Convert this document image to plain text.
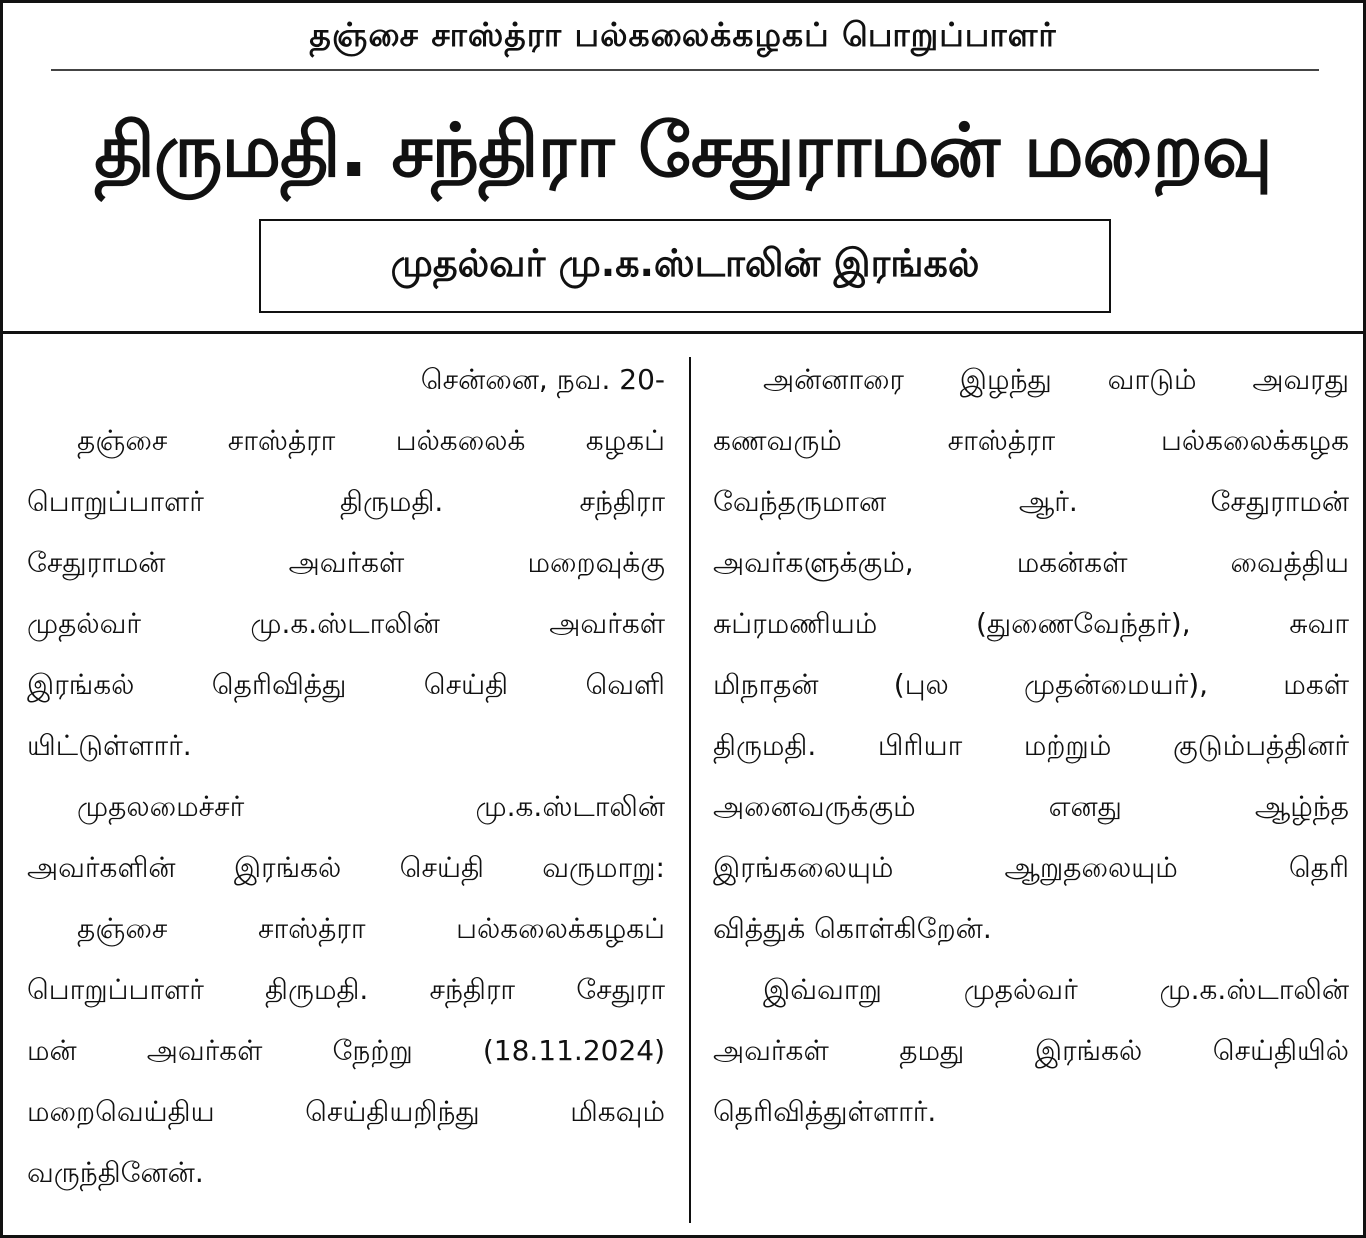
தஞ்சை சாஸ்த்ரா பல்கலைக்கழகப் பொறுப்பாளர்
திருமதி. சந்திரா சேதுராமன் மறைவு
முதல்வர் மு.க.ஸ்டாலின் இரங்கல்
சென்னை, நவ. 20-
தஞ்சை சாஸ்த்ரா பல்கலைக் கழகப்
பொறுப்பாளர் திருமதி. சந்திரா
சேதுராமன் அவர்கள் மறைவுக்கு
முதல்வர் மு.க.ஸ்டாலின் அவர்கள்
இரங்கல் தெரிவித்து செய்தி வெளி
யிட்டுள்ளார்.
முதலமைச்சர் மு.க.ஸ்டாலின்
அவர்களின் இரங்கல் செய்தி வருமாறு:
தஞ்சை சாஸ்த்ரா பல்கலைக்கழகப்
பொறுப்பாளர் திருமதி. சந்திரா சேதுரா
மன் அவர்கள் நேற்று (18.11.2024)
மறைவெய்திய செய்தியறிந்து மிகவும்
வருந்தினேன்.
அன்னாரை இழந்து வாடும் அவரது
கணவரும் சாஸ்த்ரா பல்கலைக்கழக
வேந்தருமான ஆர். சேதுராமன்
அவர்களுக்கும், மகன்கள் வைத்திய
சுப்ரமணியம் (துணைவேந்தர்), சுவா
மிநாதன் (புல முதன்மையர்), மகள்
திருமதி. பிரியா மற்றும் குடும்பத்தினர்
அனைவருக்கும் எனது ஆழ்ந்த
இரங்கலையும் ஆறுதலையும் தெரி
வித்துக் கொள்கிறேன்.
இவ்வாறு முதல்வர் மு.க.ஸ்டாலின்
அவர்கள் தமது இரங்கல் செய்தியில்
தெரிவித்துள்ளார்.
